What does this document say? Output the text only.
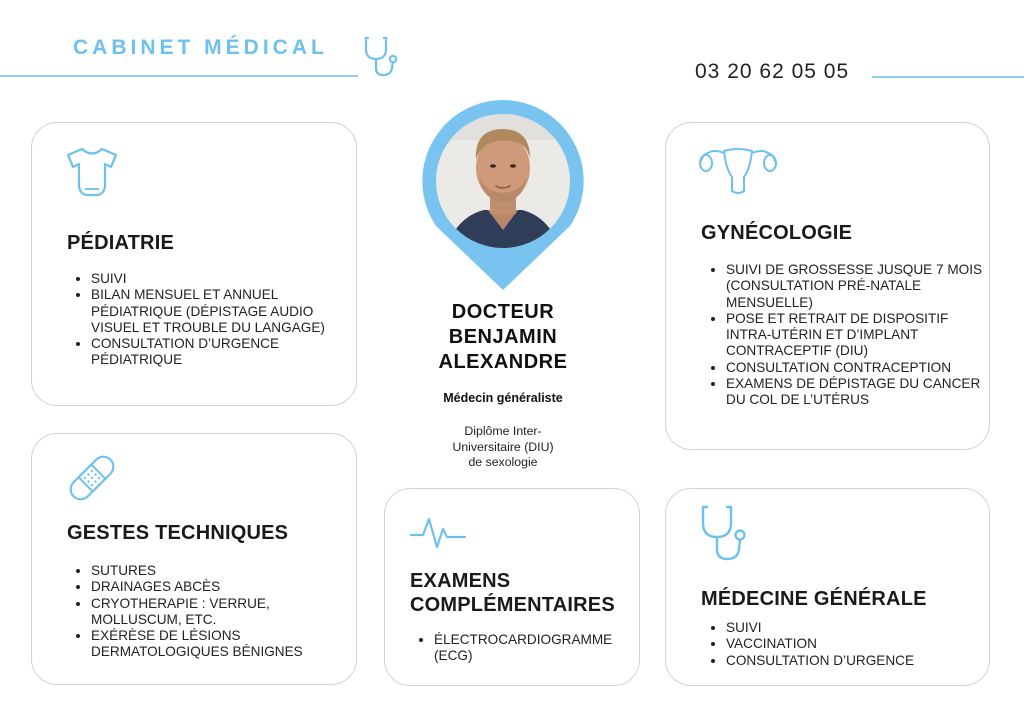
CABINET MÉDICAL
03 20 62 05 05
DOCTEUR
BENJAMIN
ALEXANDRE
Médecin généraliste
Diplôme Inter-
Universitaire (DIU)
de sexologie
PÉDIATRIE
• SUIVI
• BILAN MENSUEL ET ANNUEL PÉDIATRIQUE (DÉPISTAGE AUDIO VISUEL ET TROUBLE DU LANGAGE)
• CONSULTATION D’URGENCE PÉDIATRIQUE
GESTES TECHNIQUES
• SUTURES
• DRAINAGES ABCÈS
• CRYOTHERAPIE : VERRUE, MOLLUSCUM, ETC.
• EXÉRÈSE DE LÉSIONS DERMATOLOGIQUES BÉNIGNES
EXAMENS
COMPLÉMENTAIRES
• ÉLECTROCARDIOGRAMME (ECG)
GYNÉCOLOGIE
• SUIVI DE GROSSESSE JUSQUE 7 MOIS (CONSULTATION PRÉ-NATALE MENSUELLE)
• POSE ET RETRAIT DE DISPOSITIF INTRA-UTÉRIN ET D’IMPLANT CONTRACEPTIF (DIU)
• CONSULTATION CONTRACEPTION
• EXAMENS DE DÉPISTAGE DU CANCER DU COL DE L’UTÉRUS
MÉDECINE GÉNÉRALE
• SUIVI
• VACCINATION
• CONSULTATION D’URGENCE
